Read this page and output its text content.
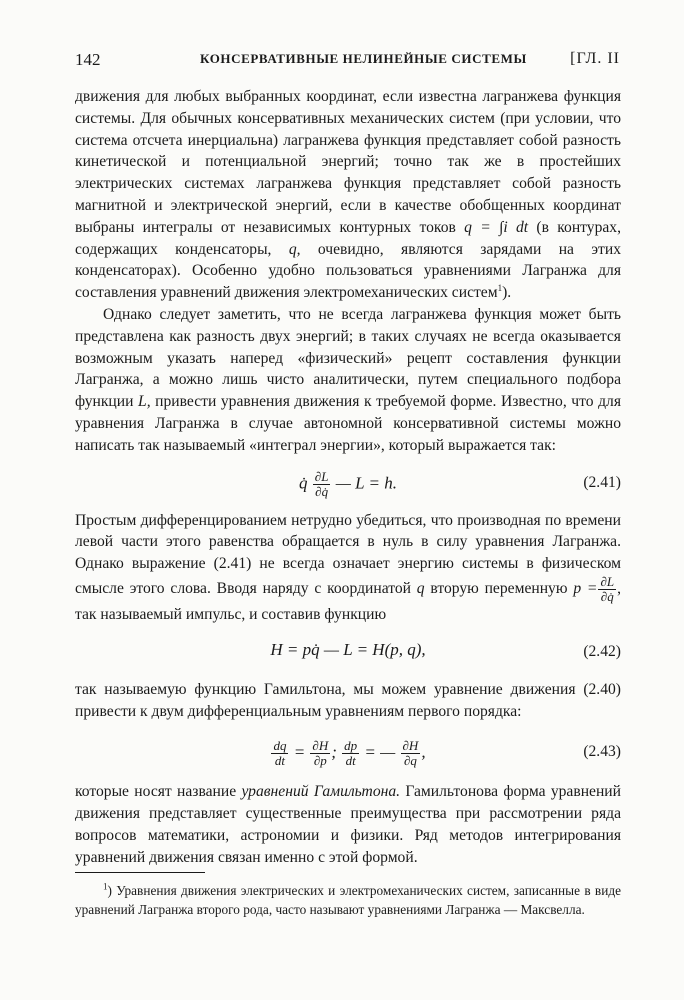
142	КОНСЕРВАТИВНЫЕ НЕЛИНЕЙНЫЕ СИСТЕМЫ	[ГЛ. II

движения для любых выбранных координат, если известна лагранжева функция системы. Для обычных консервативных механических систем (при условии, что система отсчета инерциальна) лагранжева функция представляет собой разность кинетической и потенциальной энергий; точно так же в простейших электрических системах лагранжева функция представляет собой разность магнитной и электрической энергий, если в качестве обобщенных координат выбраны интегралы от независимых контурных токов q = ∫i dt (в контурах, содержащих конденсаторы, q, очевидно, являются зарядами на этих конденсаторах). Особенно удобно пользоваться уравнениями Лагранжа для составления уравнений движения электромеханических систем$^1$).

Однако следует заметить, что не всегда лагранжева функция может быть представлена как разность двух энергий; в таких случаях не всегда оказывается возможным указать наперед «физический» рецепт составления функции Лагранжа, а можно лишь чисто аналитически, путем специального подбора функции L, привести уравнения движения к требуемой форме. Известно, что для уравнения Лагранжа в случае автономной консервативной системы можно написать так называемый «интеграл энергии», который выражается так:

q̇ $\frac{\partial L}{\partial q̇}$ — L = h.	(2.41)

Простым дифференцированием нетрудно убедиться, что производная по времени левой части этого равенства обращается в нуль в силу уравнения Лагранжа. Однако выражение (2.41) не всегда означает энергию системы в физическом смысле этого слова. Вводя наряду с координатой q вторую переменную $p = \frac{\partial L}{\partial q̇}$ , так называемый импульс, и составив функцию

H = pq̇ — L = H(p, q),	(2.42)

так называемую функцию Гамильтона, мы можем уравнение движения (2.40) привести к двум дифференциальным уравнениям первого порядка:

$\frac{dq}{dt} = \frac{\partial H}{\partial p}$ ; $\frac{dp}{dt}$ = — $\frac{\partial H}{\partial q}$ ,	(2.43)

которые носят название уравнений Гамильтона. Гамильтонова форма уравнений движения представляет существенные преимущества при рассмотрении ряда вопросов математики, астрономии и физики. Ряд методов интегрирования уравнений движения связан именно с этой формой.

$^1$) Уравнения движения электрических и электромеханических систем, записанные в виде уравнений Лагранжа второго рода, часто называют уравнениями Лагранжа — Максвелла.
